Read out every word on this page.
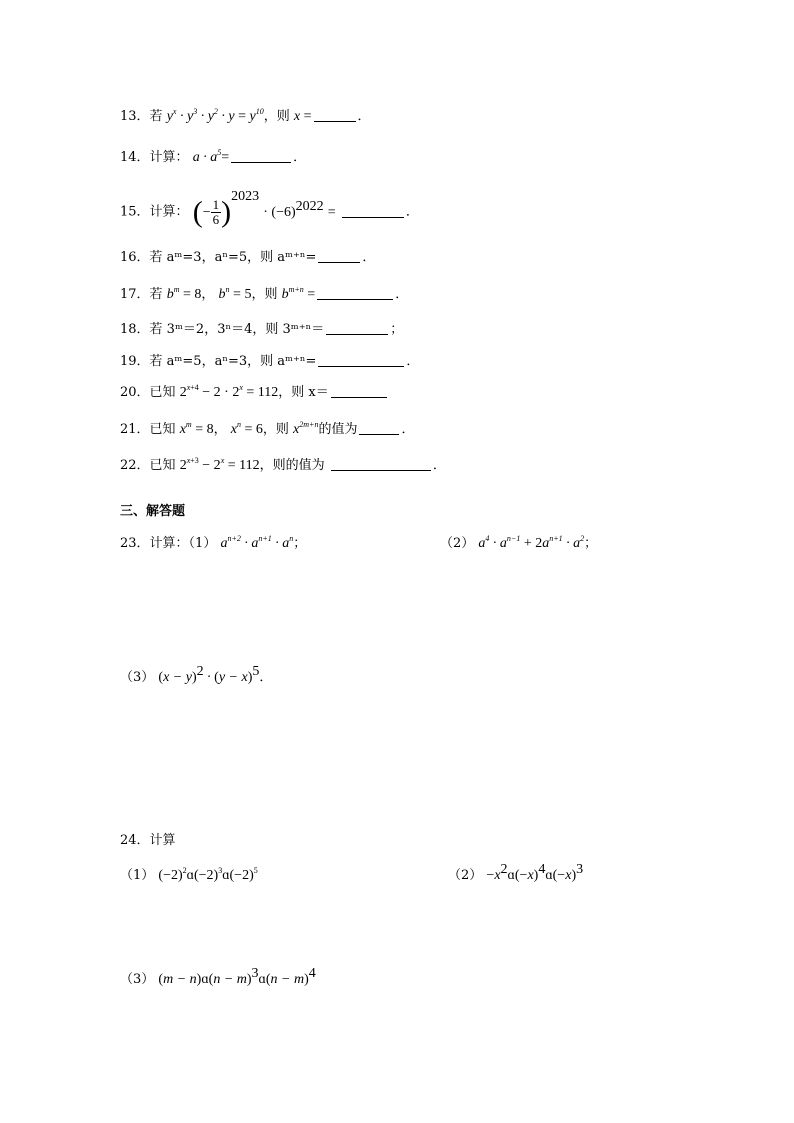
13．若 $y^x \cdot y^3 \cdot y^2 \cdot y = y^{10}$，则 x =	．
14．计算： $a \cdot a^5=$	．
15．计算： (− $\frac{1}{6} )^{2023} \cdot (-6)^{2022}$ =	．
16．若 aᵐ=3，aⁿ=5，则 aᵐ⁺ⁿ=	．
17．若 $b^m = 8$， $b^n = 5$，则 $b^{m+n}$ =	．
18．若 3ᵐ＝2，3ⁿ＝4，则 3ᵐ⁺ⁿ＝	；
19．若 aᵐ=5，aⁿ=3，则 aᵐ⁺ⁿ=	．
20．已知 $2^{x+4} - 2 \cdot 2^x = 112$，则 x＝
21．已知 $x^m = 8$， $x^n = 6$，则 $x^{2m+n}$的值为	．
22．已知 $2^{x+3} - 2^x = 112$，则的值为	．
三、解答题
23．计算：（1） $a^{n+2} \cdot a^{n+1} \cdot a^n$；	（2） $a^4 \cdot a^{n-1} + 2a^{n+1} \cdot a^2$；
（3） $(x - y)^2 \cdot (y - x)^5$．
24．计算
（1） $(-2)^2ɑ(-2)^3ɑ(-2)^5$	$(2) -x^2ɑ(-x)^4ɑ(-x)^3$
（3） (m − n)ɑ(n − m)$^3$ɑ(n − m)$^4$
